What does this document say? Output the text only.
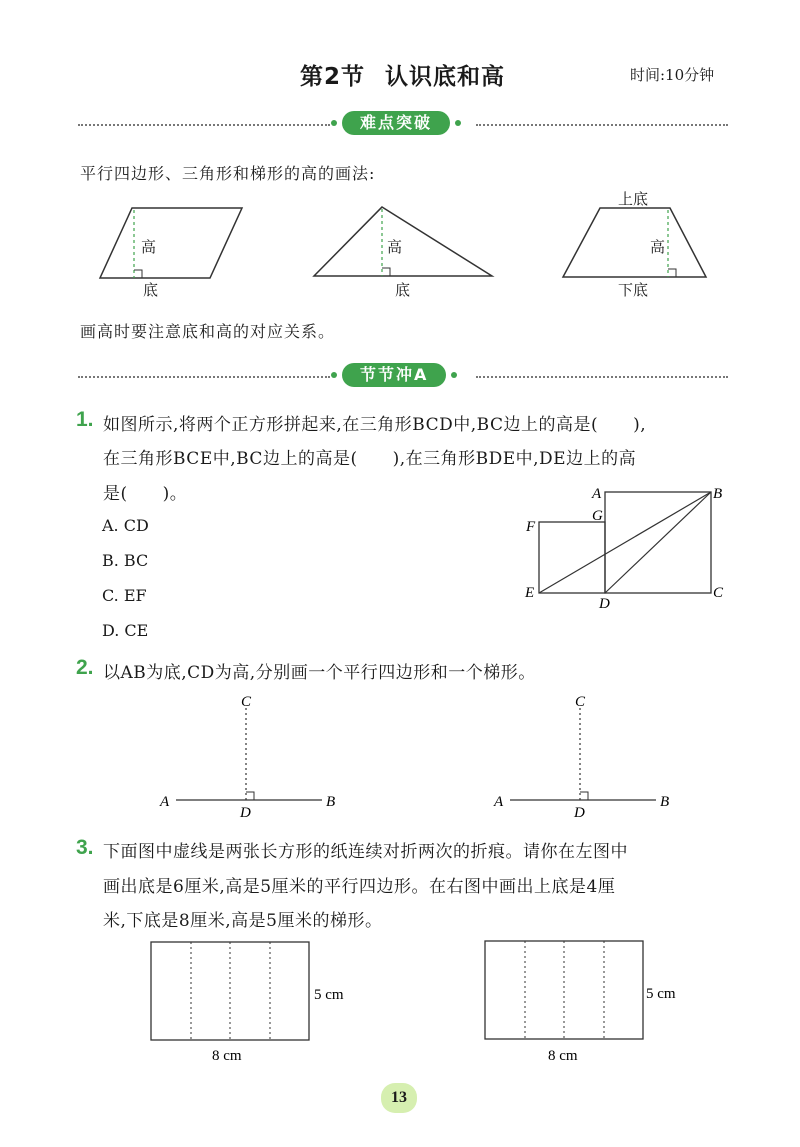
第2节 认识底和高	时间:10分钟
难点突破
平行四边形、三角形和梯形的高的画法:
高
底
高
底
上底
高
下底
画高时要注意底和高的对应关系。
节节冲A
1. 如图所示,将两个正方形拼起来,在三角形BCD中,BC边上的高是(　　),
在三角形BCE中,BC边上的高是(　　),在三角形BDE中,DE边上的高
是(　　)。
A. CD
B. BC
C. EF
D. CE
A	B
C
D
E
F
G
2. 以AB为底,CD为高,分别画一个平行四边形和一个梯形。
C
A	B
D
C
A	B
D
3. 下面图中虚线是两张长方形的纸连续对折两次的折痕。请你在左图中
画出底是6厘米,高是5厘米的平行四边形。在右图中画出上底是4厘
米,下底是8厘米,高是5厘米的梯形。
5 cm
8 cm
5 cm
8 cm
13
